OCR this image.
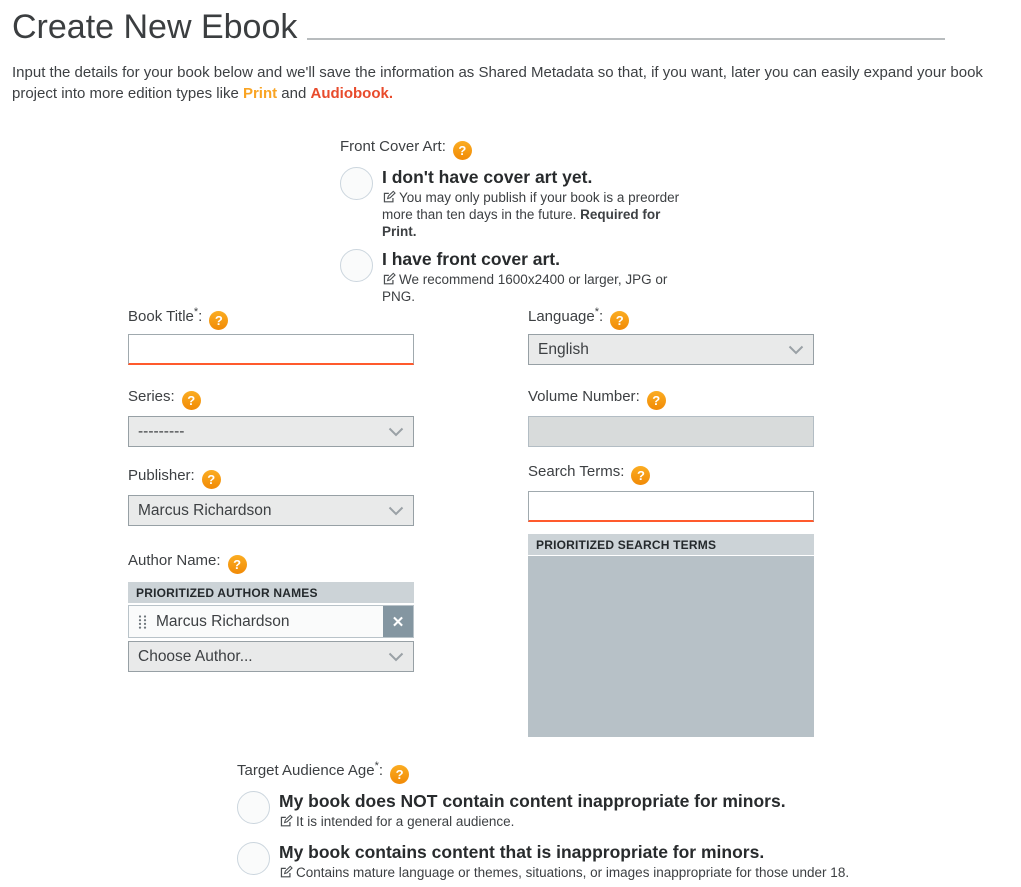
Create New Ebook

Input the details for your book below and we'll save the information as Shared Metadata so that, if you want, later you can easily expand your book project into more edition types like Print and Audiobook.

Front Cover Art: ?
I don't have cover art yet.
You may only publish if your book is a preorder more than ten days in the future. Required for Print.
I have front cover art.
We recommend 1600x2400 or larger, JPG or PNG.
Book Title*: ?	Language*: ?
English
Series: ?
---------
Volume Number: ?
Publisher: ?
Marcus Richardson
Search Terms: ?
PRIORITIZED SEARCH TERMS
Author Name: ?
PRIORITIZED AUTHOR NAMES
Marcus Richardson	✕
Choose Author...
Target Audience Age*: ?
My book does NOT contain content inappropriate for minors.
It is intended for a general audience.
My book contains content that is inappropriate for minors.
Contains mature language or themes, situations, or images inappropriate for those under 18.
